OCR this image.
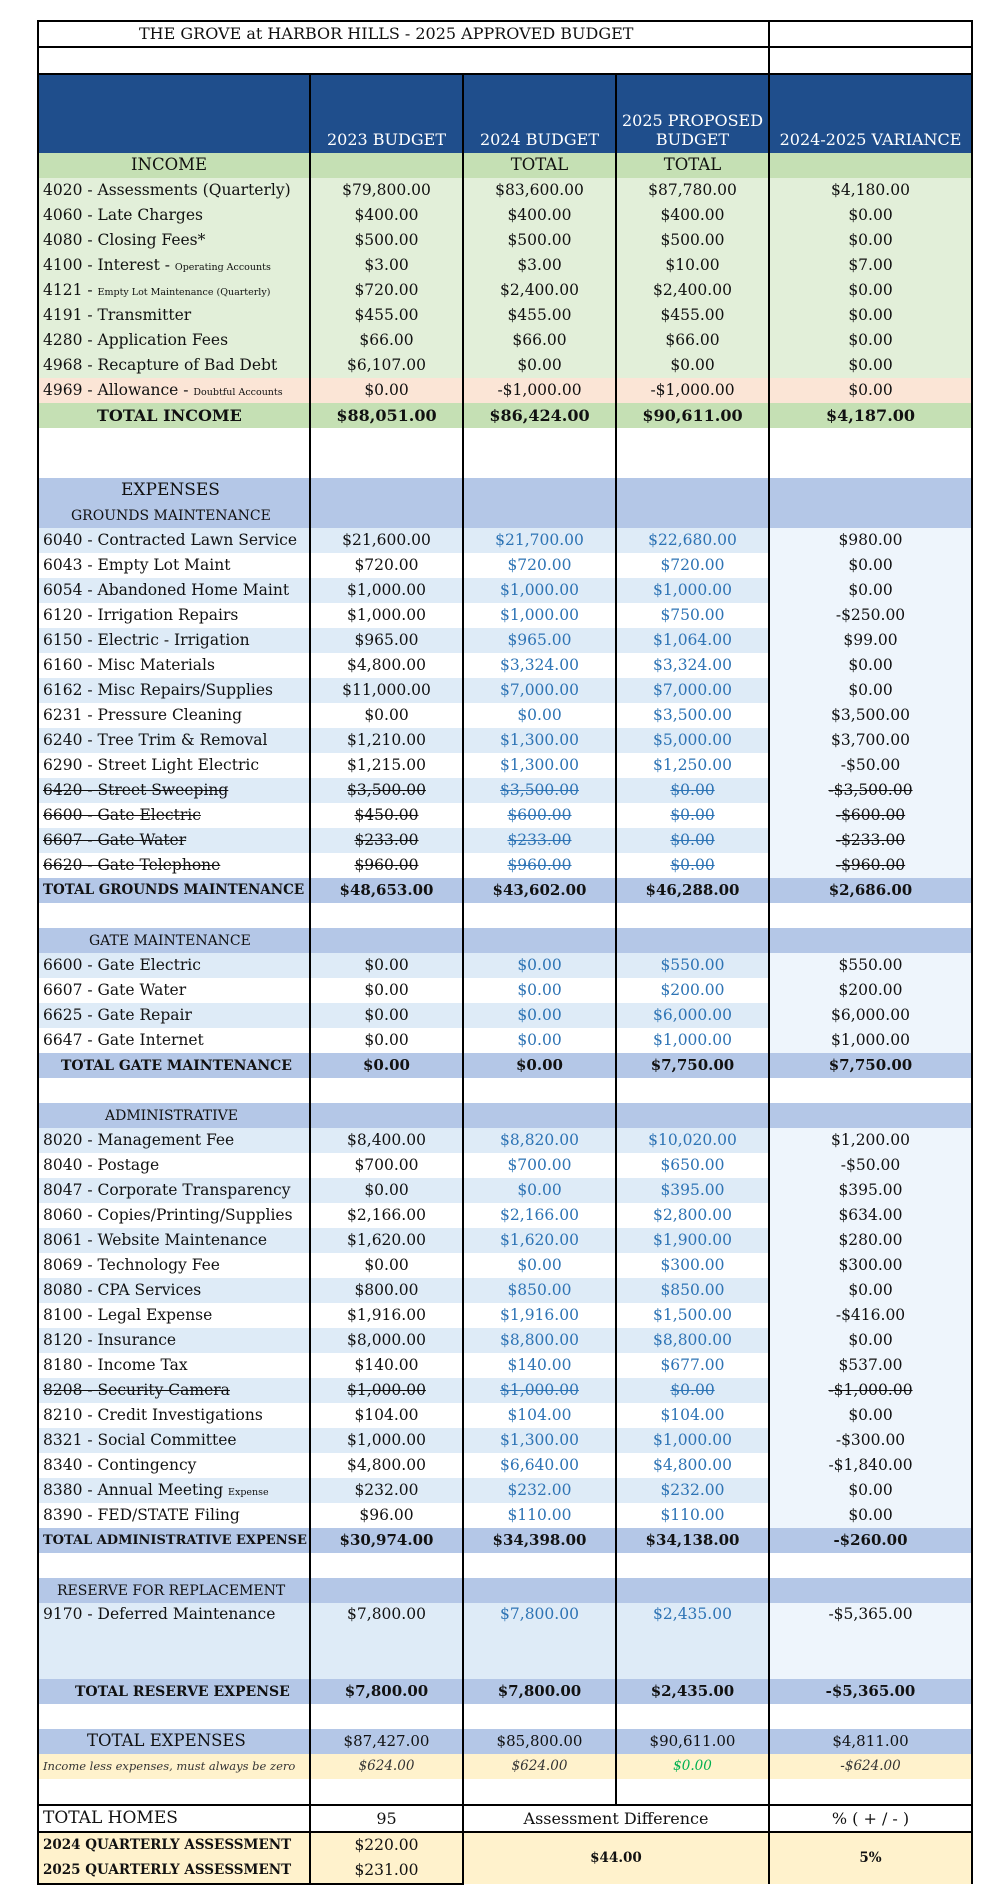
THE GROVE at HARBOR HILLS - 2025 APPROVED BUDGET				

	2023 BUDGET	2024 BUDGET	2025 PROPOSED BUDGET	2024-2025 VARIANCE
INCOME		TOTAL	TOTAL	
4020 - Assessments (Quarterly)	$79,800.00	$83,600.00	$87,780.00	$4,180.00
4060 - Late Charges	$400.00	$400.00	$400.00	$0.00
4080 - Closing Fees*	$500.00	$500.00	$500.00	$0.00
4100 - Interest - Operating Accounts	$3.00	$3.00	$10.00	$7.00
4121 - Empty Lot Maintenance (Quarterly)	$720.00	$2,400.00	$2,400.00	$0.00
4191 - Transmitter	$455.00	$455.00	$455.00	$0.00
4280 - Application Fees	$66.00	$66.00	$66.00	$0.00
4968 - Recapture of Bad Debt	$6,107.00	$0.00	$0.00	$0.00
4969 - Allowance - Doubtful Accounts	$0.00	-$1,000.00	-$1,000.00	$0.00
TOTAL INCOME	$88,051.00	$86,424.00	$90,611.00	$4,187.00

EXPENSES				
GROUNDS MAINTENANCE				
6040 - Contracted Lawn Service	$21,600.00	$21,700.00	$22,680.00	$980.00
6043 - Empty Lot Maint	$720.00	$720.00	$720.00	$0.00
6054 - Abandoned Home Maint	$1,000.00	$1,000.00	$1,000.00	$0.00
6120 - Irrigation Repairs	$1,000.00	$1,000.00	$750.00	-$250.00
6150 - Electric - Irrigation	$965.00	$965.00	$1,064.00	$99.00
6160 - Misc Materials	$4,800.00	$3,324.00	$3,324.00	$0.00
6162 - Misc Repairs/Supplies	$11,000.00	$7,000.00	$7,000.00	$0.00
6231 - Pressure Cleaning	$0.00	$0.00	$3,500.00	$3,500.00
6240 - Tree Trim & Removal	$1,210.00	$1,300.00	$5,000.00	$3,700.00
6290 - Street Light Electric	$1,215.00	$1,300.00	$1,250.00	-$50.00
6420 - Street Sweeping	$3,500.00	$3,500.00	$0.00	-$3,500.00
6600 - Gate Electric	$450.00	$600.00	$0.00	-$600.00
6607 - Gate Water	$233.00	$233.00	$0.00	-$233.00
6620 - Gate Telephone	$960.00	$960.00	$0.00	-$960.00
TOTAL GROUNDS MAINTENANCE	$48,653.00	$43,602.00	$46,288.00	$2,686.00

GATE MAINTENANCE				
6600 - Gate Electric	$0.00	$0.00	$550.00	$550.00
6607 - Gate Water	$0.00	$0.00	$200.00	$200.00
6625 - Gate Repair	$0.00	$0.00	$6,000.00	$6,000.00
6647 - Gate Internet	$0.00	$0.00	$1,000.00	$1,000.00
TOTAL GATE MAINTENANCE	$0.00	$0.00	$7,750.00	$7,750.00

ADMINISTRATIVE				
8020 - Management Fee	$8,400.00	$8,820.00	$10,020.00	$1,200.00
8040 - Postage	$700.00	$700.00	$650.00	-$50.00
8047 - Corporate Transparency	$0.00	$0.00	$395.00	$395.00
8060 - Copies/Printing/Supplies	$2,166.00	$2,166.00	$2,800.00	$634.00
8061 - Website Maintenance	$1,620.00	$1,620.00	$1,900.00	$280.00
8069 - Technology Fee	$0.00	$0.00	$300.00	$300.00
8080 - CPA Services	$800.00	$850.00	$850.00	$0.00
8100 - Legal Expense	$1,916.00	$1,916.00	$1,500.00	-$416.00
8120 - Insurance	$8,000.00	$8,800.00	$8,800.00	$0.00
8180 - Income Tax	$140.00	$140.00	$677.00	$537.00
8208 - Security Camera	$1,000.00	$1,000.00	$0.00	-$1,000.00
8210 - Credit Investigations	$104.00	$104.00	$104.00	$0.00
8321 - Social Committee	$1,000.00	$1,300.00	$1,000.00	-$300.00
8340 - Contingency	$4,800.00	$6,640.00	$4,800.00	-$1,840.00
8380 - Annual Meeting Expense	$232.00	$232.00	$232.00	$0.00
8390 - FED/STATE Filing	$96.00	$110.00	$110.00	$0.00
TOTAL ADMINISTRATIVE EXPENSE	$30,974.00	$34,398.00	$34,138.00	-$260.00

RESERVE FOR REPLACEMENT				
9170 - Deferred Maintenance	$7,800.00	$7,800.00	$2,435.00	-$5,365.00
TOTAL RESERVE EXPENSE	$7,800.00	$7,800.00	$2,435.00	-$5,365.00

TOTAL EXPENSES	$87,427.00	$85,800.00	$90,611.00	$4,811.00
Income less expenses, must always be zero	$624.00	$624.00	$0.00	-$624.00

TOTAL HOMES	95	Assessment Difference		% ( + / - )
2024 QUARTERLY ASSESSMENT	$220.00	$44.00		5%
2025 QUARTERLY ASSESSMENT	$231.00			
